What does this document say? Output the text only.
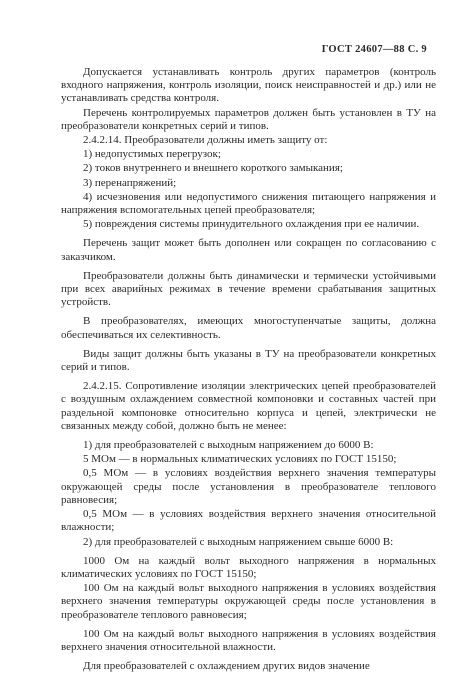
ГОСТ 24607—88 С. 9

Допускается устанавливать контроль других параметров (контроль входного напряжения, контроль изоляции, поиск неисправностей и др.) или не устанавливать средства контроля.

Перечень контролируемых параметров должен быть установлен в ТУ на преобразователи конкретных серий и типов.

2.4.2.14. Преобразователи должны иметь защиту от:

1) недопустимых перегрузок;

2) токов внутреннего и внешнего короткого замыкания;

3) перенапряжений;

4) исчезновения или недопустимого снижения питающего напряжения и напряжения вспомогательных цепей преобразователя;

5) повреждения системы принудительного охлаждения при ее наличии.

Перечень защит может быть дополнен или сокращен по согласованию с заказчиком.

Преобразователи должны быть динамически и термически устойчивыми при всех аварийных режимах в течение времени срабатывания защитных устройств.

В преобразователях, имеющих многоступенчатые защиты, должна обеспечиваться их селективность.

Виды защит должны быть указаны в ТУ на преобразователи конкретных серий и типов.

2.4.2.15. Сопротивление изоляции электрических цепей преобразователей с воздушным охлаждением совместной компоновки и составных частей при раздельной компоновке относительно корпуса и цепей, электрически не связанных между собой, должно быть не менее:

1) для преобразователей с выходным напряжением до 6000 В:

5 МОм — в нормальных климатических условиях по ГОСТ 15150;

0,5 МОм — в условиях воздействия верхнего значения температуры окружающей среды после установления в преобразователе теплового равновесия;

0,5 МОм — в условиях воздействия верхнего значения относительной влажности;

2) для преобразователей с выходным напряжением свыше 6000 В:

1000 Ом на каждый вольт выходного напряжения в нормальных климатических условиях по ГОСТ 15150;

100 Ом на каждый вольт выходного напряжения в условиях воздействия верхнего значения температуры окружающей среды после установления в преобразователе теплового равновесия;

100 Ом на каждый вольт выходного напряжения в условиях воздействия верхнего значения относительной влажности.

Для преобразователей с охлаждением других видов значение
